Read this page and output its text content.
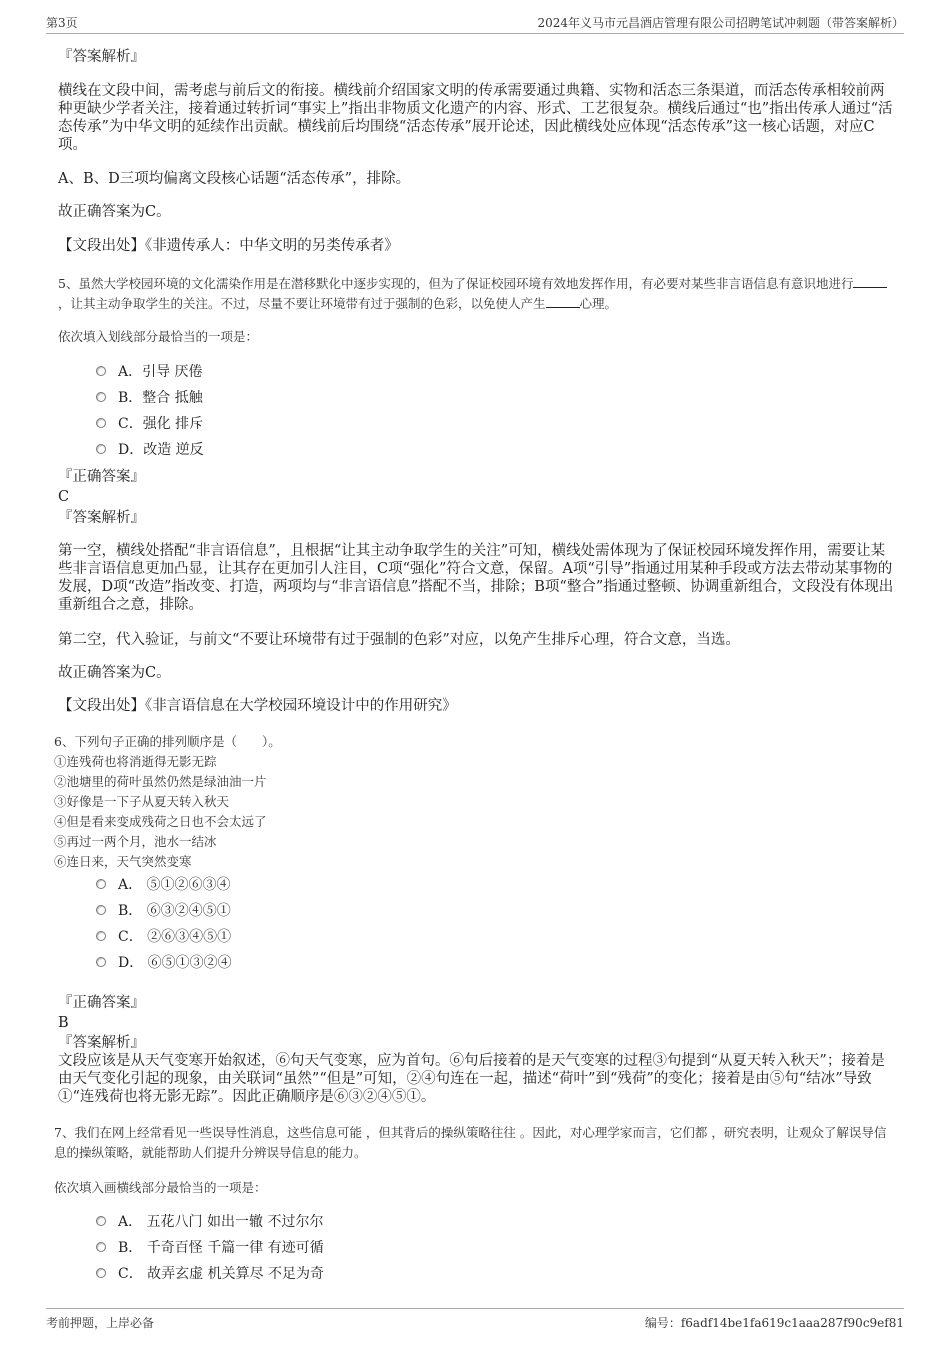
第3页	2024年义马市元昌酒店管理有限公司招聘笔试冲刺题（带答案解析）
『答案解析』
横线在文段中间，需考虑与前后文的衔接。横线前介绍国家文明的传承需要通过典籍、实物和活态三条渠道，而活态传承相较前两种更缺少学者关注，接着通过转折词“事实上”指出非物质文化遗产的内容、形式、工艺很复杂。横线后通过“也”指出传承人通过“活态传承”为中华文明的延续作出贡献。横线前后均围绕“活态传承”展开论述，因此横线处应体现“活态传承”这一核心话题，对应C项。
A、B、D三项均偏离文段核心话题“活态传承”，排除。
故正确答案为C。
【文段出处】《非遗传承人：中华文明的另类传承者》
5、虽然大学校园环境的文化濡染作用是在潜移默化中逐步实现的，但为了保证校园环境有效地发挥作用，有必要对某些非言语信息有意识地进行，让其主动争取学生的关注。不过，尽量不要让环境带有过于强制的色彩，以免使人产生	心理。
依次填入划线部分最恰当的一项是：
A．引导 厌倦
B．整合 抵触
C．强化 排斥
D．改造 逆反
『正确答案』
C
『答案解析』
第一空，横线处搭配“非言语信息”，且根据“让其主动争取学生的关注”可知，横线处需体现为了保证校园环境发挥作用，需要让某些非言语信息更加凸显，让其存在更加引人注目，C项“强化”符合文意，保留。A项“引导”指通过用某种手段或方法去带动某事物的发展，D项“改造”指改变、打造，两项均与“非言语信息”搭配不当，排除；B项“整合”指通过整顿、协调重新组合，文段没有体现出重新组合之意，排除。
第二空，代入验证，与前文“不要让环境带有过于强制的色彩”对应，以免产生排斥心理，符合文意，当选。
故正确答案为C。
【文段出处】《非言语信息在大学校园环境设计中的作用研究》
6、下列句子正确的排列顺序是（　　）。
①连残荷也将消逝得无影无踪
②池塘里的荷叶虽然仍然是绿油油一片
③好像是一下子从夏天转入秋天
④但是看来变成残荷之日也不会太远了
⑤再过一两个月，池水一结冰
⑥连日来，天气突然变寒
A． ⑤①②⑥③④
B． ⑥③②④⑤①
C． ②⑥③④⑤①
D． ⑥⑤①③②④
『正确答案』
B
『答案解析』
文段应该是从天气变寒开始叙述，⑥句天气变寒，应为首句。⑥句后接着的是天气变寒的过程③句提到“从夏天转入秋天”；接着是由天气变化引起的现象，由关联词“虽然”“但是”可知，②④句连在一起，描述“荷叶”到“残荷”的变化；接着是由⑤句“结冰”导致①“连残荷也将无影无踪”。因此正确顺序是⑥③②④⑤①。
7、我们在网上经常看见一些误导性消息，这些信息可能 ，但其背后的操纵策略往往 。因此，对心理学家而言，它们都 ，研究表明，让观众了解误导信息的操纵策略，就能帮助人们提升分辨误导信息的能力。
依次填入画横线部分最恰当的一项是：
A． 五花八门 如出一辙 不过尔尔
B． 千奇百怪 千篇一律 有迹可循
C． 故弄玄虚 机关算尽 不足为奇
考前押题，上岸必备	编号：f6adf14be1fa619c1aaa287f90c9ef81
